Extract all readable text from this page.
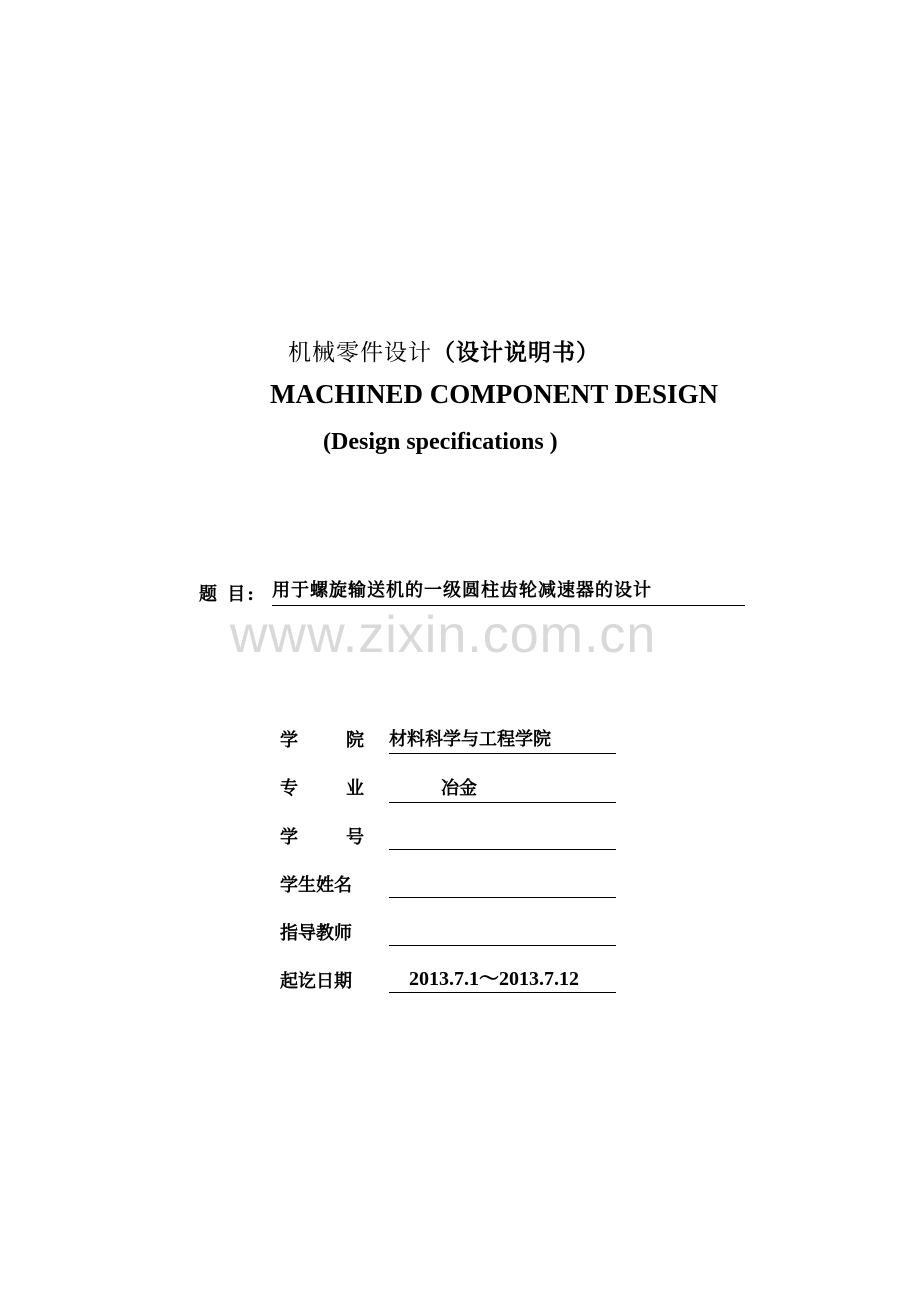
机械零件设计（设计说明书）
MACHINED COMPONENT DESIGN
(Design specifications )
题 目: 用于螺旋输送机的一级圆柱齿轮减速器的设计
www.zixin.com.cn
学	院 材料科学与工程学院
专	业	冶金
学	号
学生姓名
指导教师
起讫日期	2013.7.1～2013.7.12
